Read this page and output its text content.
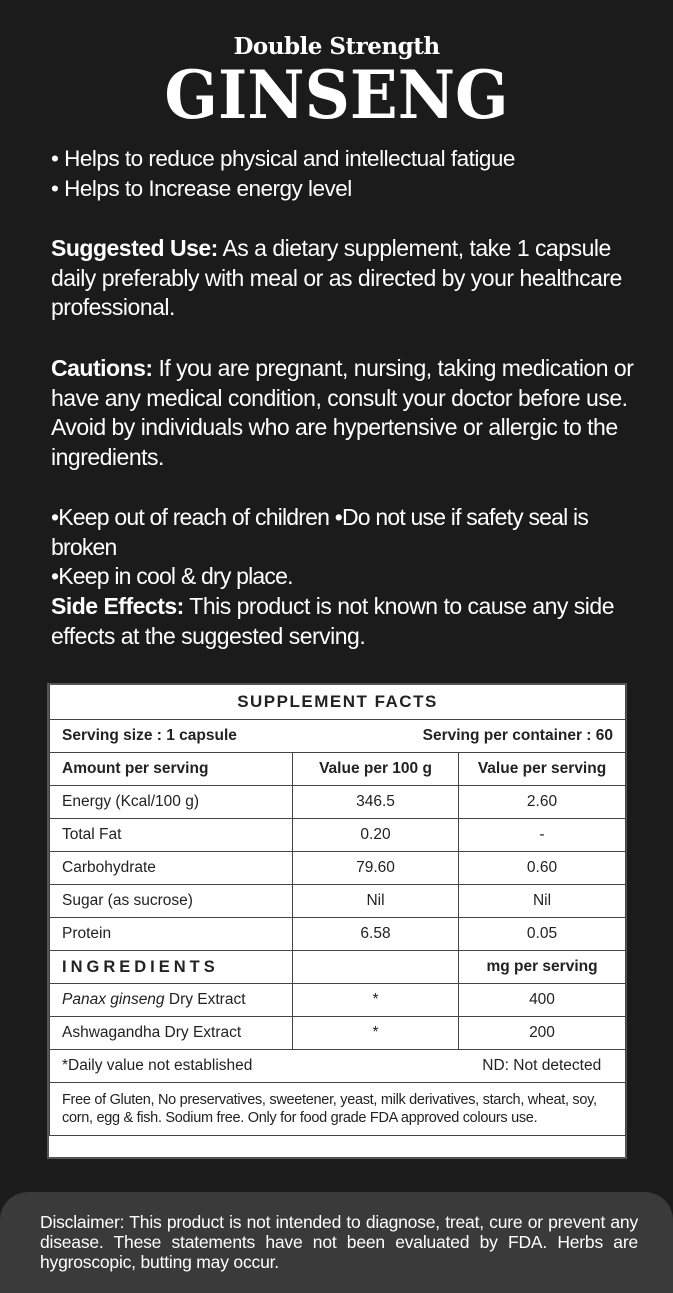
Double Strength
GINSENG

• Helps to reduce physical and intellectual fatigue

• Helps to Increase energy level

Suggested Use: As a dietary supplement, take 1 capsule daily preferably with meal or as directed by your healthcare professional.

Cautions: If you are pregnant, nursing, taking medication or have any medical condition, consult your doctor before use. Avoid by individuals who are hypertensive or allergic to the ingredients.

•Keep out of reach of children •Do not use if safety seal is broken

•Keep in cool & dry place.

Side Effects: This product is not known to cause any side effects at the suggested serving.

SUPPLEMENT FACTS		
Serving size : 1 capsule Serving per container : 60		

Amount per serving	Value per 100 g	Value per serving
Energy (Kcal/100 g)	346.5	2.60
Total Fat	0.20	-
Carbohydrate	79.60	0.60
Sugar (as sucrose)	Nil	Nil
Protein	6.58	0.05
INGREDIENTS		mg per serving
Panax ginseng Dry Extract	*	400
Ashwagandha Dry Extract	*	200
*Daily value not established		ND: Not detected
Free of Gluten, No preservatives, sweetener, yeast, milk derivatives, starch, wheat, soy, corn, egg & fish. Sodium free. Only for food grade FDA approved colours use.		
Disclaimer: This product is not intended to diagnose, treat, cure or prevent any disease. These statements have not been evaluated by FDA. Herbs are hygroscopic, butting may occur.
